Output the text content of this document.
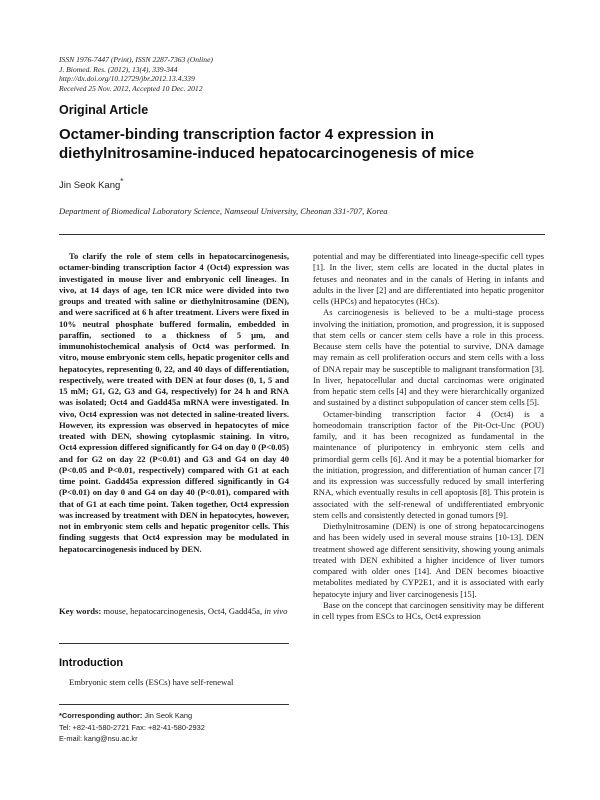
ISSN 1976-7447 (Print), ISSN 2287-7363 (Online)
J. Biomed. Res. (2012), 13(4), 339-344
http://dx.doi.org/10.12729/jbr.2012.13.4.339
Received 25 Nov. 2012, Accepted 10 Dec. 2012
Original Article
Octamer-binding transcription factor 4 expression in diethylnitrosamine-induced hepatocarcinogenesis of mice
Jin Seok Kang*
Department of Biomedical Laboratory Science, Namseoul University, Cheonan 331-707, Korea

To clarify the role of stem cells in hepatocarcinogenesis, octamer-binding transcription factor 4 (Oct4) expression was investigated in mouse liver and embryonic cell lineages. In vivo, at 14 days of age, ten ICR mice were divided into two groups and treated with saline or diethylnitrosamine (DEN), and were sacrificed at 6 h after treatment. Livers were fixed in 10% neutral phosphate buffered formalin, embedded in paraffin, sectioned to a thickness of 5 μm, and immunohistochemical analysis of Oct4 was performed. In vitro, mouse embryonic stem cells, hepatic progenitor cells and hepatocytes, representing 0, 22, and 40 days of differentiation, respectively, were treated with DEN at four doses (0, 1, 5 and 15 mM; G1, G2, G3 and G4, respectively) for 24 h and RNA was isolated; Oct4 and Gadd45a mRNA were investigated. In vivo, Oct4 expression was not detected in saline-treated livers. However, its expression was observed in hepatocytes of mice treated with DEN, showing cytoplasmic staining. In vitro, Oct4 expression differed significantly for G4 on day 0 (P<0.05) and for G2 on day 22 (P<0.01) and G3 and G4 on day 40 (P<0.05 and P<0.01, respectively) compared with G1 at each time point. Gadd45a expression differed significantly in G4 (P<0.01) on day 0 and G4 on day 40 (P<0.01), compared with that of G1 at each time point. Taken together, Oct4 expression was increased by treatment with DEN in hepatocytes, however, not in embryonic stem cells and hepatic progenitor cells. This finding suggests that Oct4 expression may be modulated in hepatocarcinogenesis induced by DEN.

Key words: mouse, hepatocarcinogenesis, Oct4, Gadd45a, in vivo
Introduction

Embryonic stem cells (ESCs) have self-renewal

*Corresponding author: Jin Seok Kang
Tel: +82-41-580-2721 Fax: +82-41-580-2932
E-mail: kang@nsu.ac.kr

potential and may be differentiated into lineage-specific cell types [1]. In the liver, stem cells are located in the ductal plates in fetuses and neonates and in the canals of Hering in infants and adults in the liver [2] and are differentiated into hepatic progenitor cells (HPCs) and hepatocytes (HCs).

As carcinogenesis is believed to be a multi-stage process involving the initiation, promotion, and progression, it is supposed that stem cells or cancer stem cells have a role in this process. Because stem cells have the potential to survive, DNA damage may remain as cell proliferation occurs and stem cells with a loss of DNA repair may be susceptible to malignant transformation [3]. In liver, hepatocellular and ductal carcinomas were originated from hepatic stem cells [4] and they were hierarchically organized and sustained by a distinct subpopulation of cancer stem cells [5].

Octamer-binding transcription factor 4 (Oct4) is a homeodomain transcription factor of the Pit-Oct-Unc (POU) family, and it has been recognized as fundamental in the maintenance of pluripotency in embryonic stem cells and primordial germ cells [6]. And it may be a potential biomarker for the initiation, progression, and differentiation of human cancer [7] and its expression was successfully reduced by small interfering RNA, which eventually results in cell apoptosis [8]. This protein is associated with the self-renewal of undifferentiated embryonic stem cells and consistently detected in gonad tumors [9].

Diethylnitrosamine (DEN) is one of strong hepatocarcinogens and has been widely used in several mouse strains [10-13]. DEN treatment showed age different sensitivity, showing young animals treated with DEN exhibited a higher incidence of liver tumors compared with older ones [14]. And DEN becomes bioactive metabolites mediated by CYP2E1, and it is associated with early hepatocyte injury and liver carcinogenesis [15].

Base on the concept that carcinogen sensitivity may be different in cell types from ESCs to HCs, Oct4 expression
